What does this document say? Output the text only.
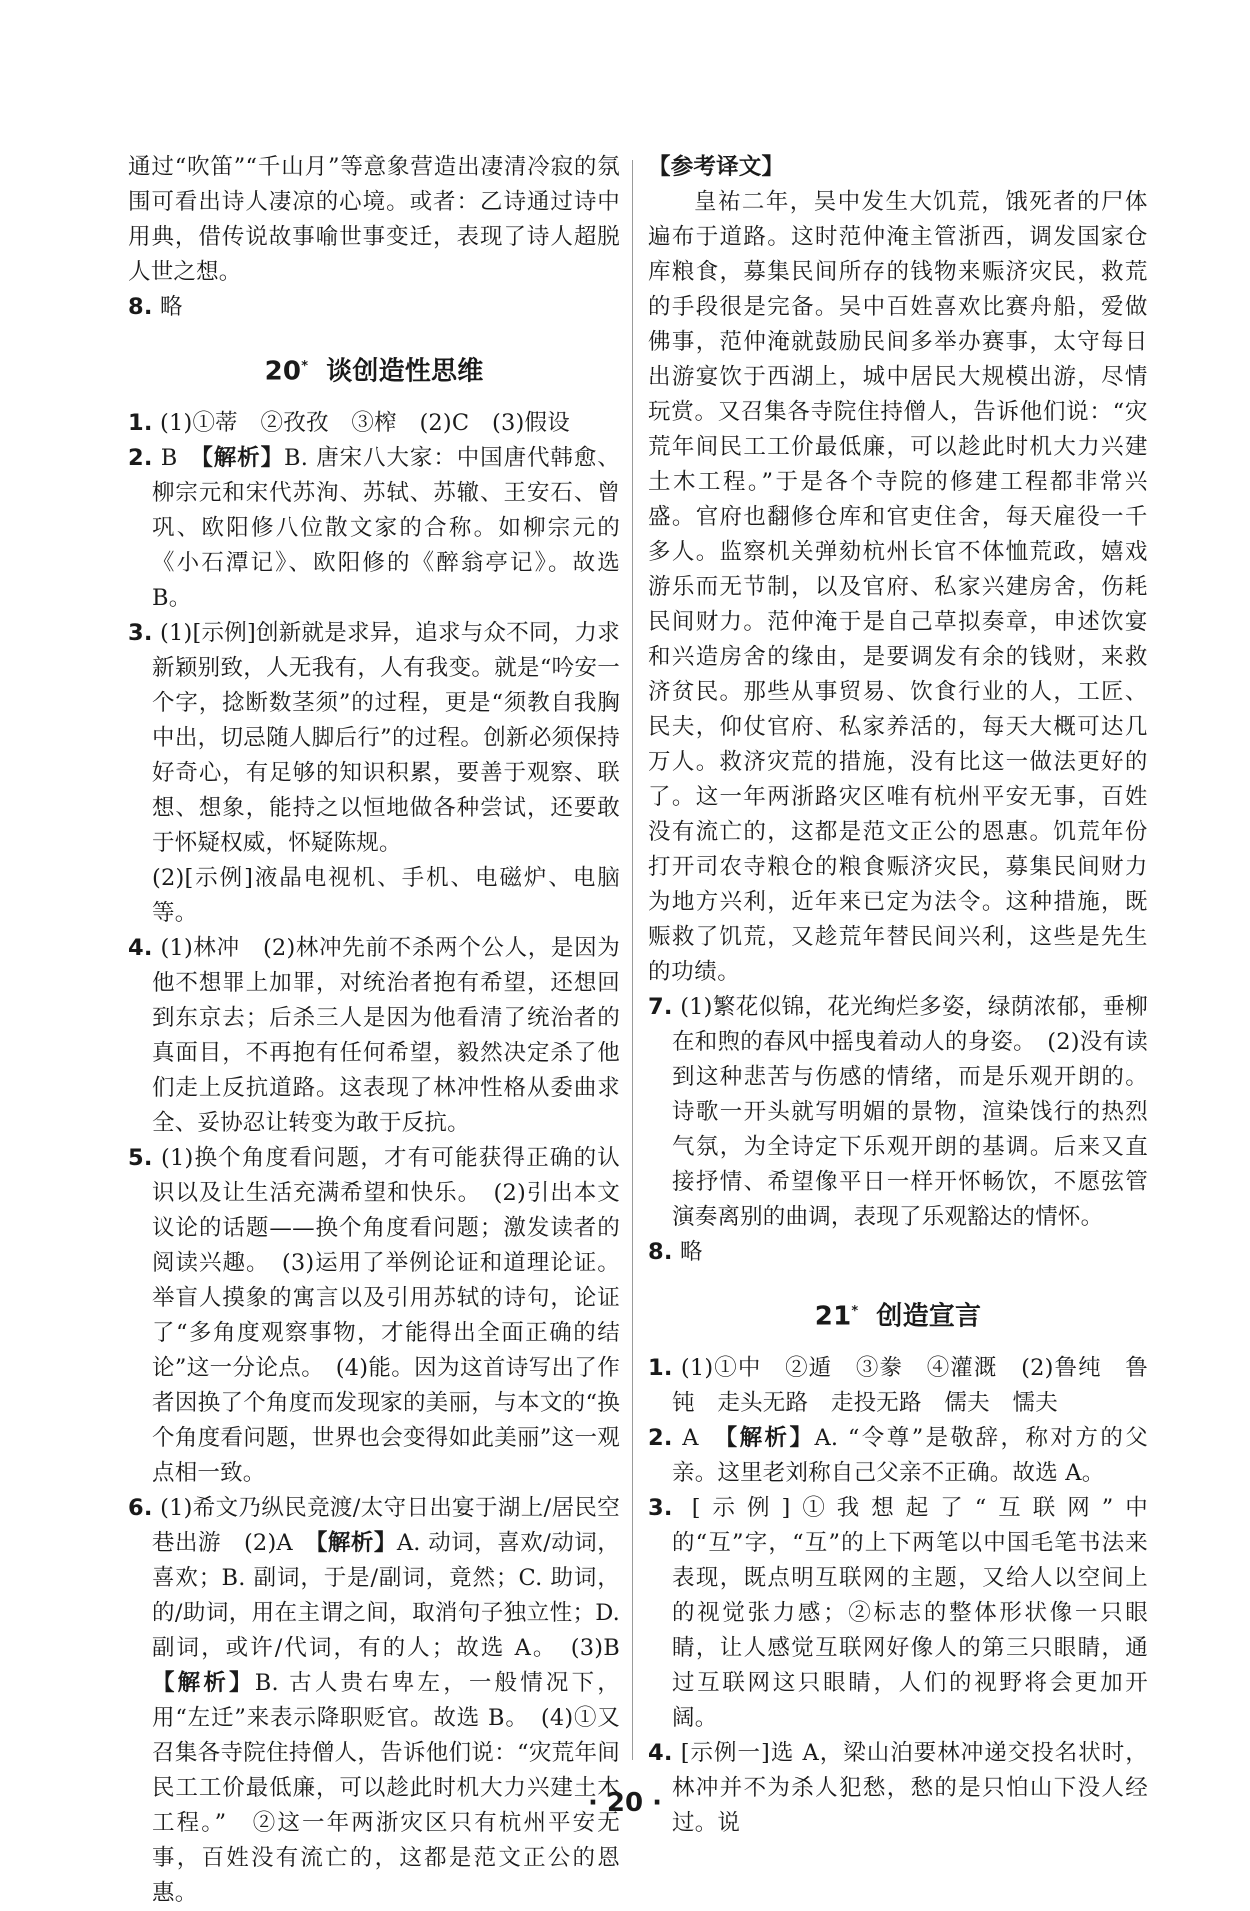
通过“吹笛”“千山月”等意象营造出凄清冷寂的氛围可看出诗人凄凉的心境。或者：乙诗通过诗中用典，借传说故事喻世事变迁，表现了诗人超脱人世之想。

8. 略

20* 谈创造性思维

1. (1)①蒂　②孜孜　③榨　(2)C　(3)假设

2. B　【解析】B. 唐宋八大家：中国唐代韩愈、柳宗元和宋代苏洵、苏轼、苏辙、王安石、曾巩、欧阳修八位散文家的合称。如柳宗元的《小石潭记》、欧阳修的《醉翁亭记》。故选 B。

3. (1)[示例]创新就是求异，追求与众不同，力求新颖别致，人无我有，人有我变。就是“吟安一个字，捻断数茎须”的过程，更是“须教自我胸中出，切忌随人脚后行”的过程。创新必须保持好奇心，有足够的知识积累，要善于观察、联想、想象，能持之以恒地做各种尝试，还要敢于怀疑权威，怀疑陈规。
(2)[示例]液晶电视机、手机、电磁炉、电脑等。

4. (1)林冲　(2)林冲先前不杀两个公人，是因为他不想罪上加罪，对统治者抱有希望，还想回到东京去；后杀三人是因为他看清了统治者的真面目，不再抱有任何希望，毅然决定杀了他们走上反抗道路。这表现了林冲性格从委曲求全、妥协忍让转变为敢于反抗。

5. (1)换个角度看问题，才有可能获得正确的认识以及让生活充满希望和快乐。　(2)引出本文议论的话题——换个角度看问题；激发读者的阅读兴趣。　(3)运用了举例论证和道理论证。举盲人摸象的寓言以及引用苏轼的诗句，论证了“多角度观察事物，才能得出全面正确的结论”这一分论点。　(4)能。因为这首诗写出了作者因换了个角度而发现家的美丽，与本文的“换个角度看问题，世界也会变得如此美丽”这一观点相一致。

6. (1)希文乃纵民竞渡/太守日出宴于湖上/居民空巷出游　(2)A　【解析】A. 动词，喜欢/动词，喜欢；B. 副词，于是/副词，竟然；C. 助词，的/助词，用在主谓之间，取消句子独立性；D. 副词，或许/代词，有的人；故选 A。　(3)B　【解析】B. 古人贵右卑左，一般情况下，用“左迁”来表示降职贬官。故选 B。　(4)①又召集各寺院住持僧人，告诉他们说：“灾荒年间民工工价最低廉，可以趁此时机大力兴建土木工程。”　②这一年两浙灾区只有杭州平安无事，百姓没有流亡的，这都是范文正公的恩惠。

【参考译文】

皇祐二年，吴中发生大饥荒，饿死者的尸体遍布于道路。这时范仲淹主管浙西，调发国家仓库粮食，募集民间所存的钱物来赈济灾民，救荒的手段很是完备。吴中百姓喜欢比赛舟船，爱做佛事，范仲淹就鼓励民间多举办赛事，太守每日出游宴饮于西湖上，城中居民大规模出游，尽情玩赏。又召集各寺院住持僧人，告诉他们说：“灾荒年间民工工价最低廉，可以趁此时机大力兴建土木工程。”于是各个寺院的修建工程都非常兴盛。官府也翻修仓库和官吏住舍，每天雇役一千多人。监察机关弹劾杭州长官不体恤荒政，嬉戏游乐而无节制，以及官府、私家兴建房舍，伤耗民间财力。范仲淹于是自己草拟奏章，申述饮宴和兴造房舍的缘由，是要调发有余的钱财，来救济贫民。那些从事贸易、饮食行业的人，工匠、民夫，仰仗官府、私家养活的，每天大概可达几万人。救济灾荒的措施，没有比这一做法更好的了。这一年两浙路灾区唯有杭州平安无事，百姓没有流亡的，这都是范文正公的恩惠。饥荒年份打开司农寺粮仓的粮食赈济灾民，募集民间财力为地方兴利，近年来已定为法令。这种措施，既赈救了饥荒，又趁荒年替民间兴利，这些是先生的功绩。

7. (1)繁花似锦，花光绚烂多姿，绿荫浓郁，垂柳在和煦的春风中摇曳着动人的身姿。　(2)没有读到这种悲苦与伤感的情绪，而是乐观开朗的。诗歌一开头就写明媚的景物，渲染饯行的热烈气氛，为全诗定下乐观开朗的基调。后来又直接抒情、希望像平日一样开怀畅饮，不愿弦管演奏离别的曲调，表现了乐观豁达的情怀。

8. 略

21* 创造宣言

1. (1)①中　②遁　③豢　④灌溉　(2)鲁纯　鲁钝　走头无路　走投无路　儒夫　懦夫

2. A　【解析】A. “令尊”是敬辞，称对方的父亲。这里老刘称自己父亲不正确。故选 A。

3. [示例]①我想起了“互联网”中的“互”字，“互”的上下两笔以中国毛笔书法来表现，既点明互联网的主题，又给人以空间上的视觉张力感；②标志的整体形状像一只眼睛，让人感觉互联网好像人的第三只眼睛，通过互联网这只眼睛，人们的视野将会更加开阔。

4. [示例一]选 A，梁山泊要林冲递交投名状时，林冲并不为杀人犯愁，愁的是只怕山下没人经过。说

· 20 ·
